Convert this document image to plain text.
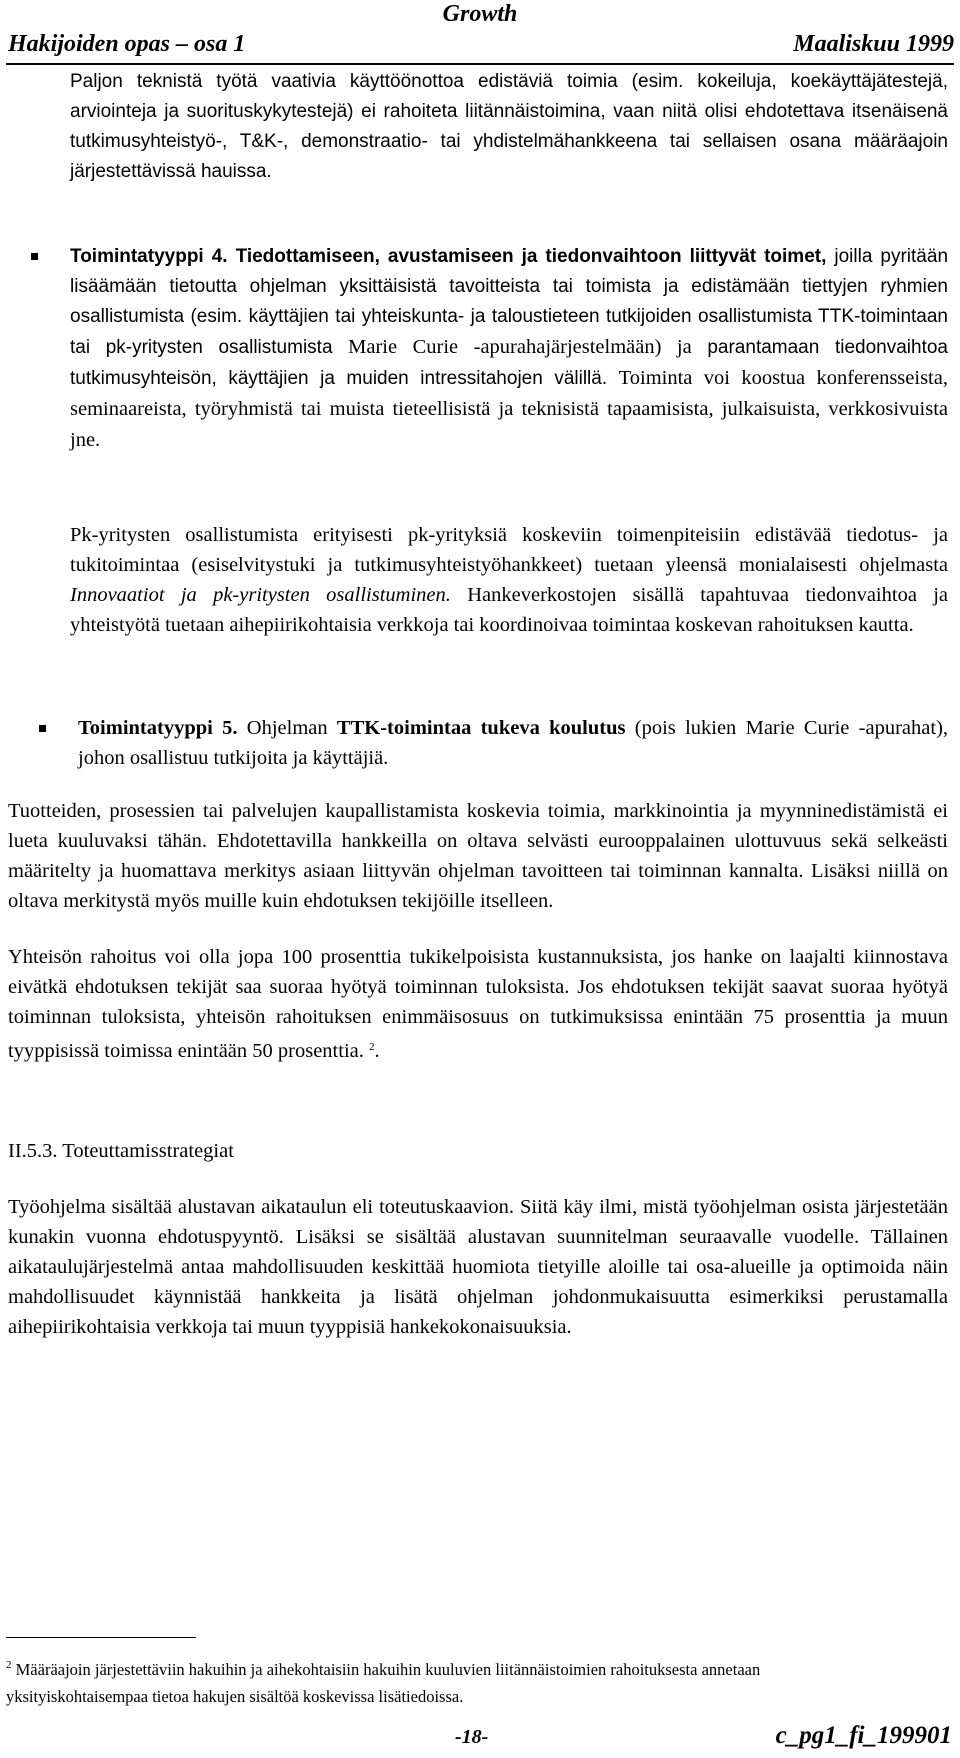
Growth
Hakijoiden opas – osa 1	Maaliskuu 1999

Paljon teknistä työtä vaativia käyttöönottoa edistäviä toimia (esim. kokeiluja, koekäyttäjätestejä, arviointeja ja suorituskykytestejä) ei rahoiteta liitännäistoimina, vaan niitä olisi ehdotettava itsenäisenä tutkimusyhteistyö-, T&K-, demonstraatio- tai yhdistelmähankkeena tai sellaisen osana määräajoin järjestettävissä hauissa.

Toimintatyyppi 4. Tiedottamiseen, avustamiseen ja tiedonvaihtoon liittyvät toimet, joilla pyritään lisäämään tietoutta ohjelman yksittäisistä tavoitteista tai toimista ja edistämään tiettyjen ryhmien osallistumista (esim. käyttäjien tai yhteiskunta- ja taloustieteen tutkijoiden osallistumista TTK-toimintaan tai pk-yritysten osallistumista Marie Curie -apurahajärjestelmään) ja parantamaan tiedonvaihtoa tutkimusyhteisön, käyttäjien ja muiden intressitahojen välillä. Toiminta voi koostua konferensseista, seminaareista, työryhmistä tai muista tieteellisistä ja teknisistä tapaamisista, julkaisuista, verkkosivuista jne.

Pk-yritysten osallistumista erityisesti pk-yrityksiä koskeviin toimenpiteisiin edistävää tiedotus- ja tukitoimintaa (esiselvitystuki ja tutkimusyhteistyöhankkeet) tuetaan yleensä monialaisesti ohjelmasta Innovaatiot ja pk-yritysten osallistuminen. Hankeverkostojen sisällä tapahtuvaa tiedonvaihtoa ja yhteistyötä tuetaan aihepiirikohtaisia verkkoja tai koordinoivaa toimintaa koskevan rahoituksen kautta.

Toimintatyyppi 5. Ohjelman TTK-toimintaa tukeva koulutus (pois lukien Marie Curie -apurahat), johon osallistuu tutkijoita ja käyttäjiä.

Tuotteiden, prosessien tai palvelujen kaupallistamista koskevia toimia, markkinointia ja myynninedistämistä ei lueta kuuluvaksi tähän. Ehdotettavilla hankkeilla on oltava selvästi eurooppalainen ulottuvuus sekä selkeästi määritelty ja huomattava merkitys asiaan liittyvän ohjelman tavoitteen tai toiminnan kannalta. Lisäksi niillä on oltava merkitystä myös muille kuin ehdotuksen tekijöille itselleen.

Yhteisön rahoitus voi olla jopa 100 prosenttia tukikelpoisista kustannuksista, jos hanke on laajalti kiinnostava eivätkä ehdotuksen tekijät saa suoraa hyötyä toiminnan tuloksista. Jos ehdotuksen tekijät saavat suoraa hyötyä toiminnan tuloksista, yhteisön rahoituksen enimmäisosuus on tutkimuksissa enintään 75 prosenttia ja muun tyyppisissä toimissa enintään 50 prosenttia. $^2$.

II.5.3. Toteuttamisstrategiat

Työohjelma sisältää alustavan aikataulun eli toteutuskaavion. Siitä käy ilmi, mistä työohjelman osista järjestetään kunakin vuonna ehdotuspyyntö. Lisäksi se sisältää alustavan suunnitelman seuraavalle vuodelle. Tällainen aikataulujärjestelmä antaa mahdollisuuden keskittää huomiota tietyille aloille tai osa-alueille ja optimoida näin mahdollisuudet käynnistää hankkeita ja lisätä ohjelman johdonmukaisuutta esimerkiksi perustamalla aihepiirikohtaisia verkkoja tai muun tyyppisiä hankekokonaisuuksia.

$^2$ Määräajoin järjestettäviin hakuihin ja aihekohtaisiin hakuihin kuuluvien liitännäistoimien rahoituksesta annetaan yksityiskohtaisempaa tietoa hakujen sisältöä koskevissa lisätiedoissa.

-18-	c_pg1_fi_199901
